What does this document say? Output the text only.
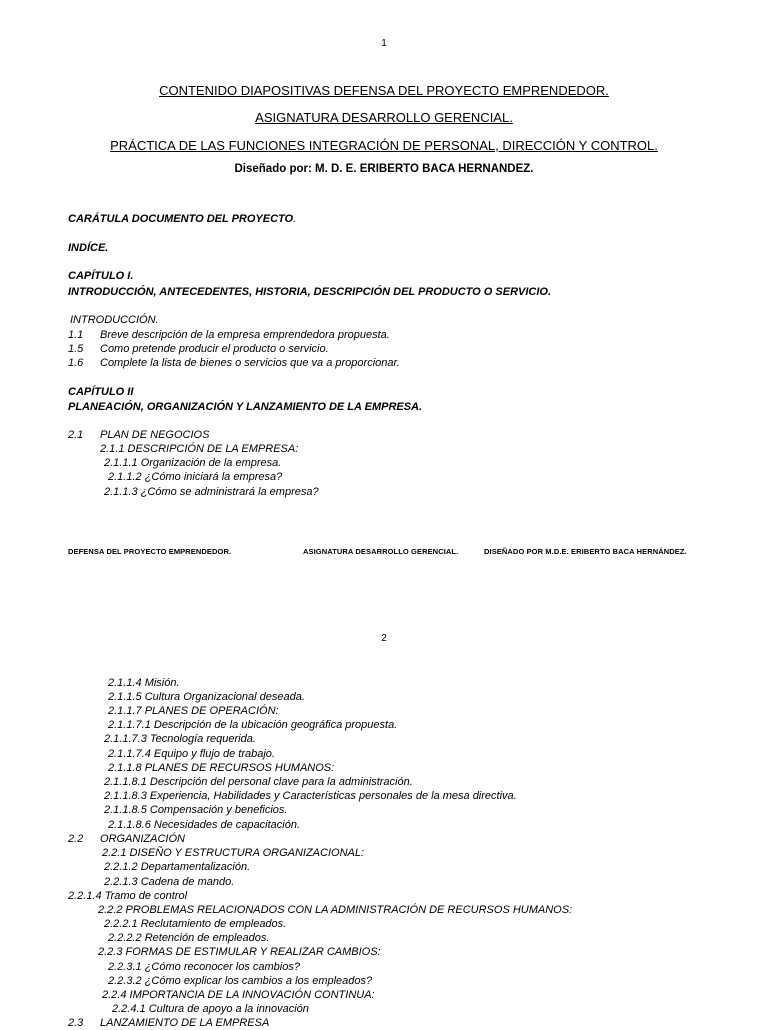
1
CONTENIDO DIAPOSITIVAS DEFENSA DEL PROYECTO EMPRENDEDOR.
ASIGNATURA DESARROLLO GERENCIAL.
PRÁCTICA DE LAS FUNCIONES INTEGRACIÓN DE PERSONAL, DIRECCIÓN Y CONTROL.
Diseñado por: M. D. E. ERIBERTO BACA HERNANDEZ.
CARÁTULA DOCUMENTO DEL PROYECTO.
INDÍCE.
CAPÍTULO I.
INTRODUCCIÓN, ANTECEDENTES, HISTORIA, DESCRIPCIÓN DEL PRODUCTO O SERVICIO.
INTRODUCCIÓN.
1.1 Breve descripción de la empresa emprendedora propuesta.
1.5 Como pretende producir el producto o servicio.
1.6 Complete la lista de bienes o servicios que va a proporcionar.
CAPÍTULO II
PLANEACIÓN, ORGANIZACIÓN Y LANZAMIENTO DE LA EMPRESA.
2.1 PLAN DE NEGOCIOS
2.1.1 DESCRIPCIÓN DE LA EMPRESA:
2.1.1.1 Organización de la empresa.
2.1.1.2 ¿Cómo iniciará la empresa?
2.1.1.3 ¿Cómo se administrará la empresa?
DEFENSA DEL PROYECTO EMPRENDEDOR.	ASIGNATURA DESARROLLO GERENCIAL.	DISEÑADO POR M.D.E. ERIBERTO BACA HERNÁNDEZ.
2
2.1.1.4 Misión.
2.1.1.5 Cultura Organizacional deseada.
2.1.1.7 PLANES DE OPERACIÓN:
2.1.1.7.1 Descripción de la ubicación geográfica propuesta.
2.1.1.7.3 Tecnología requerida.
2.1.1.7.4 Equipo y flujo de trabajo.
2.1.1.8 PLANES DE RECURSOS HUMANOS:
2.1.1.8.1 Descripción del personal clave para la administración.
2.1.1.8.3 Experiencia, Habilidades y Características personales de la mesa directiva.
2.1.1.8.5 Compensación y beneficios.
2.1.1.8.6 Necesidades de capacitación.
2.2 ORGANIZACIÓN
2.2.1 DISEÑO Y ESTRUCTURA ORGANIZACIONAL:
2.2.1.2 Departamentalización.
2.2.1.3 Cadena de mando.
2.2.1.4 Tramo de control
2.2.2 PROBLEMAS RELACIONADOS CON LA ADMINISTRACIÓN DE RECURSOS HUMANOS:
2.2.2.1 Reclutamiento de empleados.
2.2.2.2 Retención de empleados.
2.2.3 FORMAS DE ESTIMULAR Y REALIZAR CAMBIOS:
2.2.3.1 ¿Cómo reconocer los cambios?
2.2.3.2 ¿Cómo explicar los cambios a los empleados?
2.2.4 IMPORTANCIA DE LA INNOVACIÓN CONTINUA:
2.2.4.1 Cultura de apoyo a la innovación
2.3 LANZAMIENTO DE LA EMPRESA
